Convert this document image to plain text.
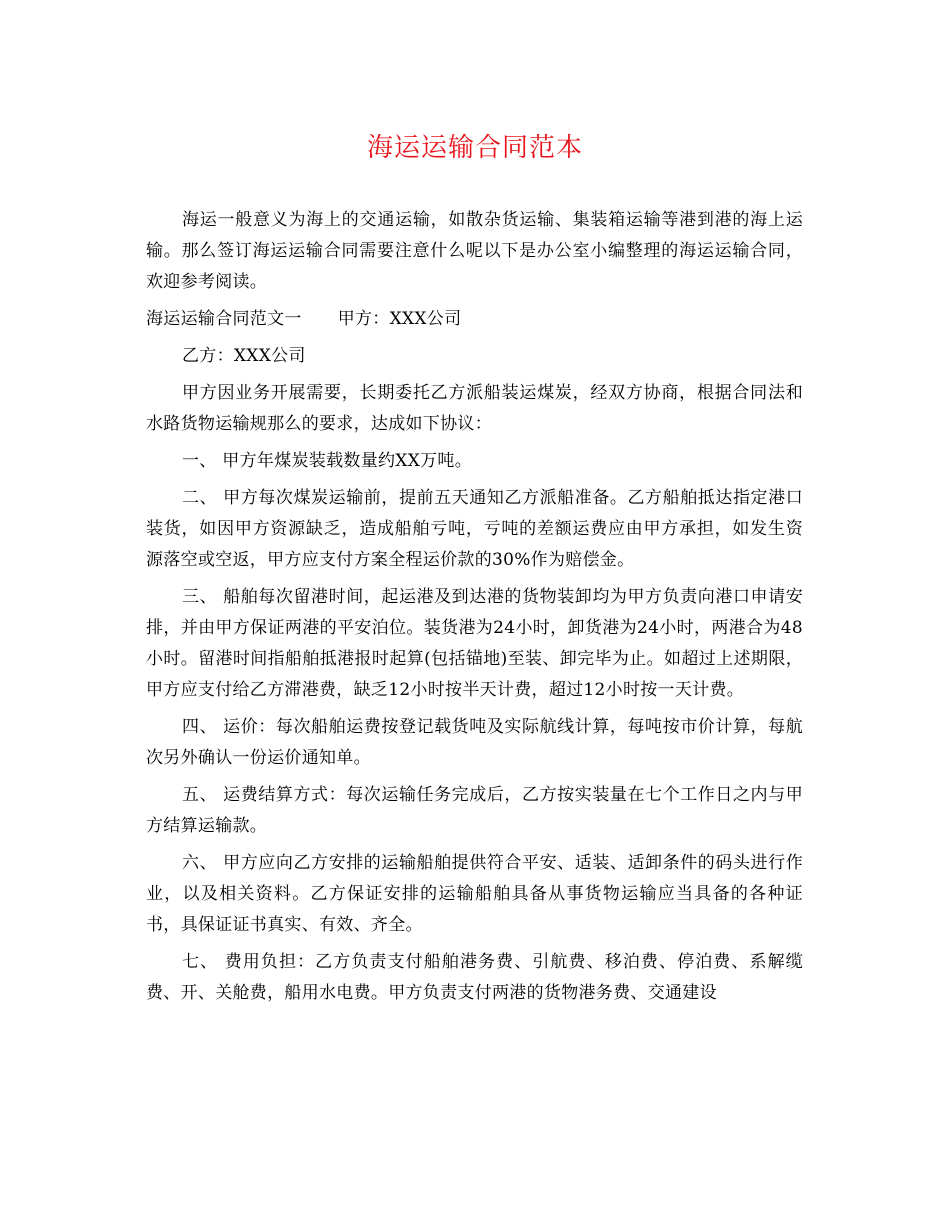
海运运输合同范本

海运一般意义为海上的交通运输，如散杂货运输、集装箱运输等港到港的海上运输。那么签订海运运输合同需要注意什么呢以下是办公室小编整理的海运运输合同，欢迎参考阅读。

海运运输合同范文一 甲方：XXX公司

乙方：XXX公司

甲方因业务开展需要，长期委托乙方派船装运煤炭，经双方协商，根据合同法和水路货物运输规那么的要求，达成如下协议：

一、 甲方年煤炭装载数量约XX万吨。

二、 甲方每次煤炭运输前，提前五天通知乙方派船准备。乙方船舶抵达指定港口装货，如因甲方资源缺乏，造成船舶亏吨，亏吨的差额运费应由甲方承担，如发生资源落空或空返，甲方应支付方案全程运价款的30%作为赔偿金。

三、 船舶每次留港时间，起运港及到达港的货物装卸均为甲方负责向港口申请安排，并由甲方保证两港的平安泊位。装货港为24小时，卸货港为24小时，两港合为48小时。留港时间指船舶抵港报时起算(包括锚地)至装、卸完毕为止。如超过上述期限，甲方应支付给乙方滞港费，缺乏12小时按半天计费，超过12小时按一天计费。

四、 运价：每次船舶运费按登记载货吨及实际航线计算，每吨按市价计算，每航次另外确认一份运价通知单。

五、 运费结算方式：每次运输任务完成后，乙方按实装量在七个工作日之内与甲方结算运输款。

六、 甲方应向乙方安排的运输船舶提供符合平安、适装、适卸条件的码头进行作业，以及相关资料。乙方保证安排的运输船舶具备从事货物运输应当具备的各种证书，具保证证书真实、有效、齐全。

七、 费用负担：乙方负责支付船舶港务费、引航费、移泊费、停泊费、系解缆费、开、关舱费，船用水电费。甲方负责支付两港的货物港务费、交通建设
